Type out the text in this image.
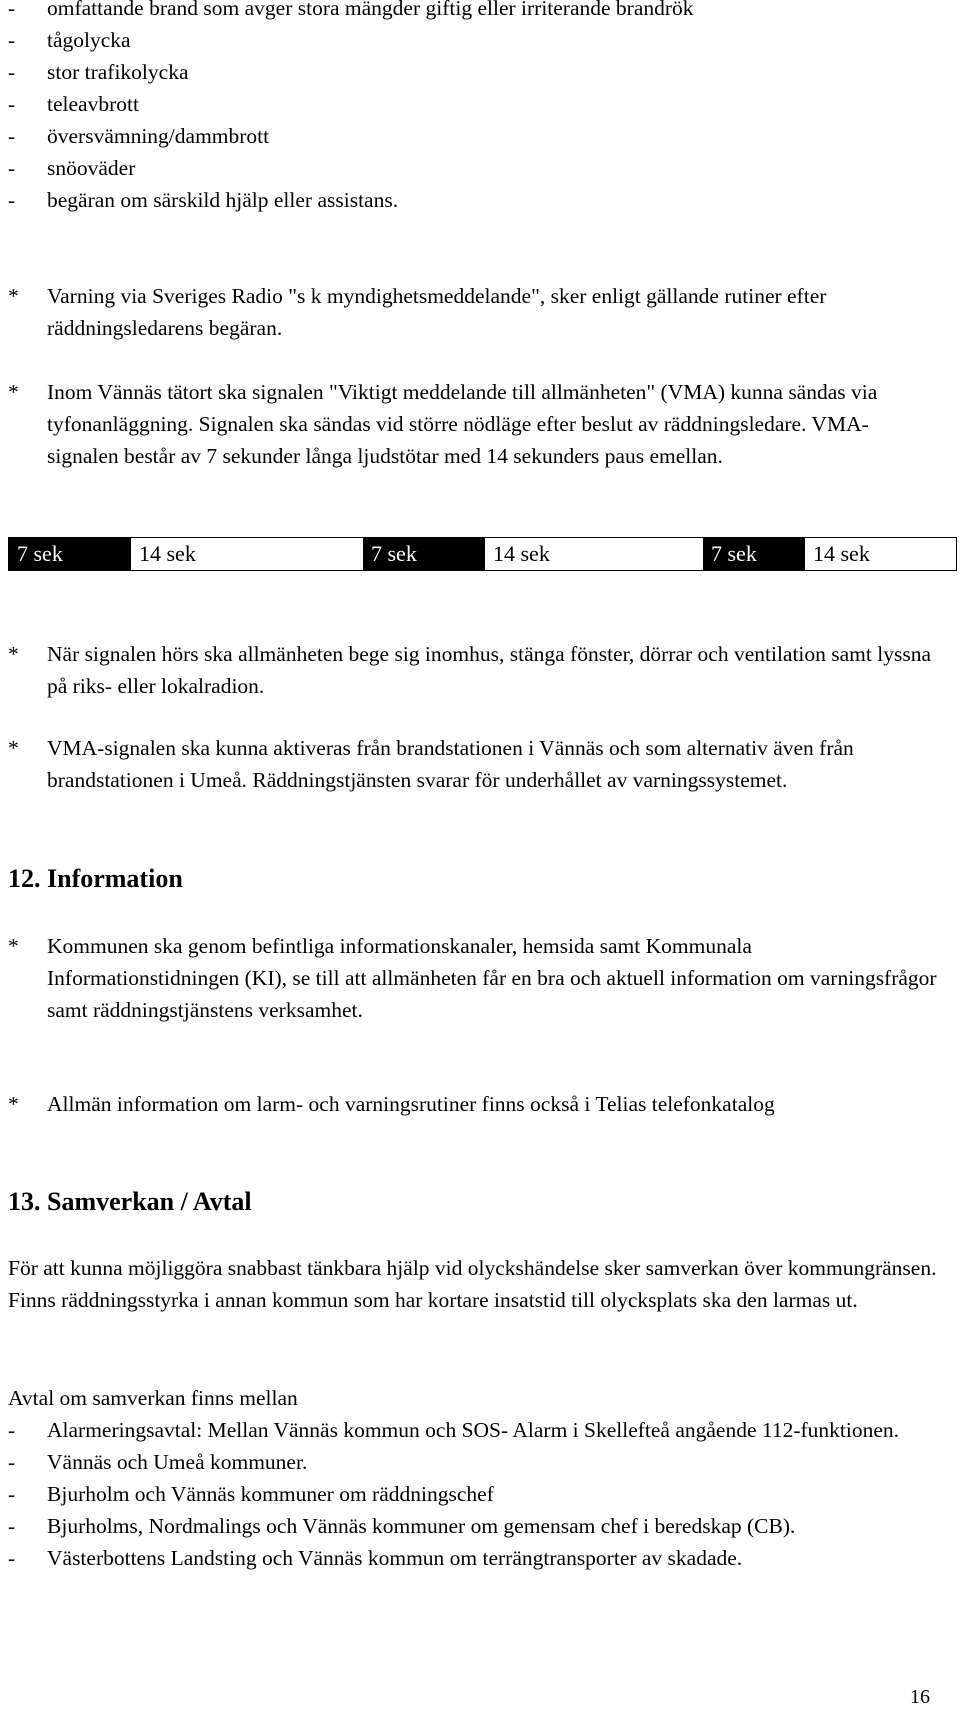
- omfattande brand som avger stora mängder giftig eller irriterande brandrök
- tågolycka
- stor trafikolycka
- teleavbrott
- översvämning/dammbrott
- snöoväder
- begäran om särskild hjälp eller assistans.
* Varning via Sveriges Radio "s k myndighetsmeddelande", sker enligt gällande rutiner efter räddningsledarens begäran.
* Inom Vännäs tätort ska signalen "Viktigt meddelande till allmänheten" (VMA) kunna sändas via tyfonanläggning. Signalen ska sändas vid större nödläge efter beslut av räddningsledare. VMA-signalen består av 7 sekunder långa ljudstötar med 14 sekunders paus emellan.
7 sek	14 sek	7 sek	14 sek	7 sek	14 sek
* När signalen hörs ska allmänheten bege sig inomhus, stänga fönster, dörrar och ventilation samt lyssna på riks- eller lokalradion.
* VMA-signalen ska kunna aktiveras från brandstationen i Vännäs och som alternativ även från brandstationen i Umeå. Räddningstjänsten svarar för underhållet av varningssystemet.
12. Information
* Kommunen ska genom befintliga informationskanaler, hemsida samt Kommunala Informationstidningen (KI), se till att allmänheten får en bra och aktuell information om varningsfrågor samt räddningstjänstens verksamhet.
* Allmän information om larm- och varningsrutiner finns också i Telias telefonkatalog
13. Samverkan / Avtal
För att kunna möjliggöra snabbast tänkbara hjälp vid olyckshändelse sker samverkan över kommungränsen. Finns räddningsstyrka i annan kommun som har kortare insatstid till olycksplats ska den larmas ut.
Avtal om samverkan finns mellan
- Alarmeringsavtal: Mellan Vännäs kommun och SOS- Alarm i Skellefteå angående 112-funktionen.
- Vännäs och Umeå kommuner.
- Bjurholm och Vännäs kommuner om räddningschef
- Bjurholms, Nordmalings och Vännäs kommuner om gemensam chef i beredskap (CB).
- Västerbottens Landsting och Vännäs kommun om terrängtransporter av skadade.
16
